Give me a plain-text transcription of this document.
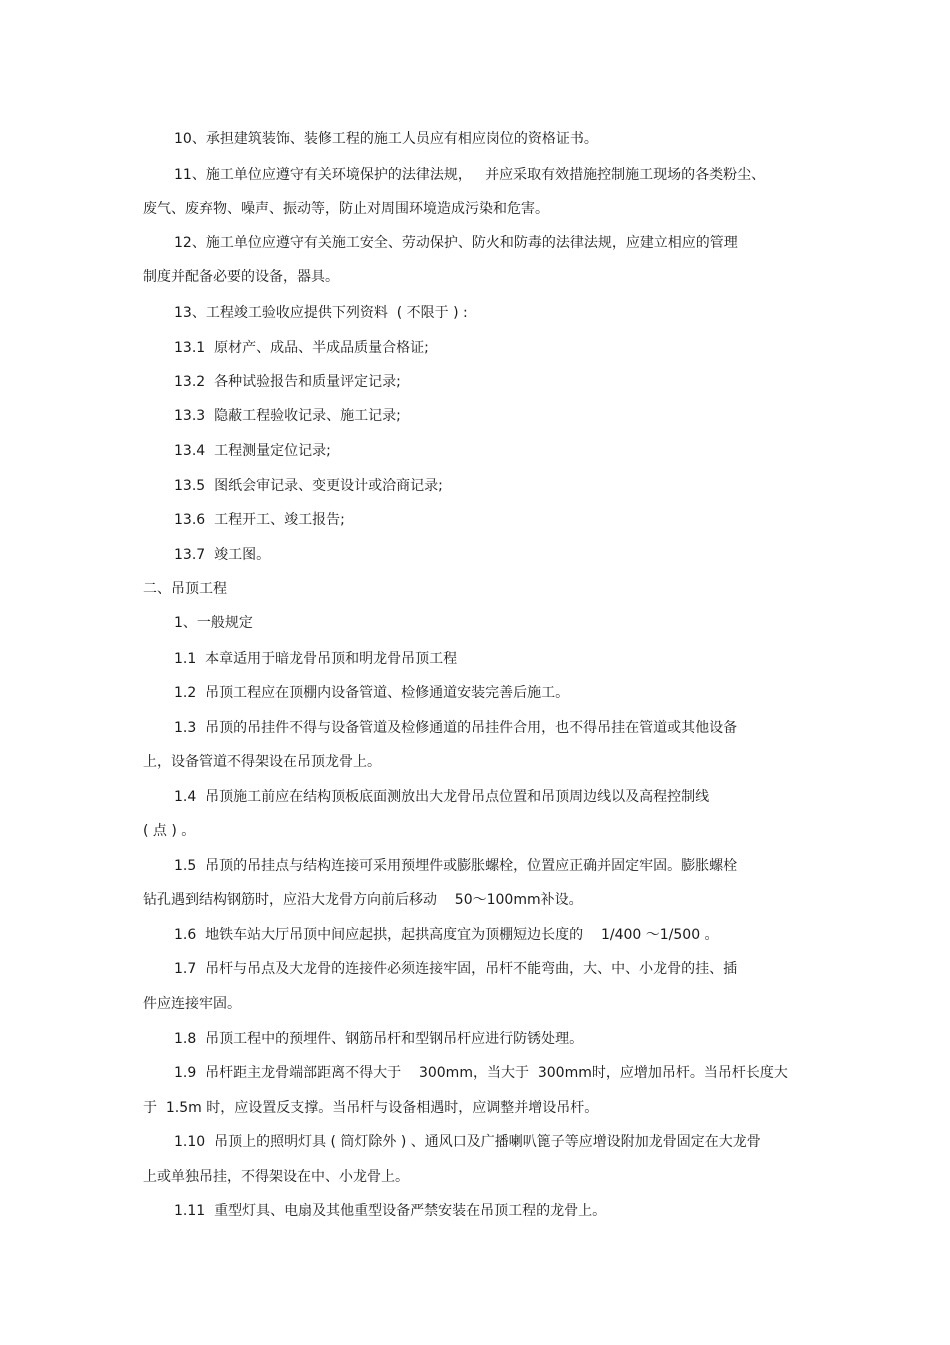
10、承担建筑装饰、装修工程的施工人员应有相应岗位的资格证书。
11、施工单位应遵守有关环境保护的法律法规，   并应采取有效措施控制施工现场的各类粉尘、
废气、废弃物、噪声、振动等，防止对周围环境造成污染和危害。
12、施工单位应遵守有关施工安全、劳动保护、防火和防毒的法律法规，应建立相应的管理
制度并配备必要的设备，器具。
13、工程竣工验收应提供下列资料  ( 不限于 ) :
13.1  原材产、成品、半成品质量合格证;
13.2  各种试验报告和质量评定记录;
13.3  隐蔽工程验收记录、施工记录;
13.4  工程测量定位记录;
13.5  图纸会审记录、变更设计或洽商记录;
13.6  工程开工、竣工报告;
13.7  竣工图。
二、吊顶工程
1、一般规定
1.1  本章适用于暗龙骨吊顶和明龙骨吊顶工程
1.2  吊顶工程应在顶棚内设备管道、检修通道安装完善后施工。
1.3  吊顶的吊挂件不得与设备管道及检修通道的吊挂件合用，也不得吊挂在管道或其他设备
上，设备管道不得架设在吊顶龙骨上。
1.4  吊顶施工前应在结构顶板底面测放出大龙骨吊点位置和吊顶周边线以及高程控制线
( 点 ) 。
1.5  吊顶的吊挂点与结构连接可采用预埋件或膨胀螺栓，位置应正确并固定牢固。膨胀螺栓
钻孔遇到结构钢筋时，应沿大龙骨方向前后移动    50～100mm补设。
1.6  地铁车站大厅吊顶中间应起拱，起拱高度宜为顶棚短边长度的    1/400 ～1/500 。
1.7  吊杆与吊点及大龙骨的连接件必须连接牢固，吊杆不能弯曲，大、中、小龙骨的挂、插
件应连接牢固。
1.8  吊顶工程中的预埋件、钢筋吊杆和型钢吊杆应进行防锈处理。
1.9  吊杆距主龙骨端部距离不得大于    300mm，当大于  300mm时，应增加吊杆。当吊杆长度大
于  1.5m 时，应设置反支撑。当吊杆与设备相遇时，应调整并增设吊杆。
1.10  吊顶上的照明灯具 ( 筒灯除外 ) 、通风口及广播喇叭篦子等应增设附加龙骨固定在大龙骨
上或单独吊挂，不得架设在中、小龙骨上。
1.11  重型灯具、电扇及其他重型设备严禁安装在吊顶工程的龙骨上。
